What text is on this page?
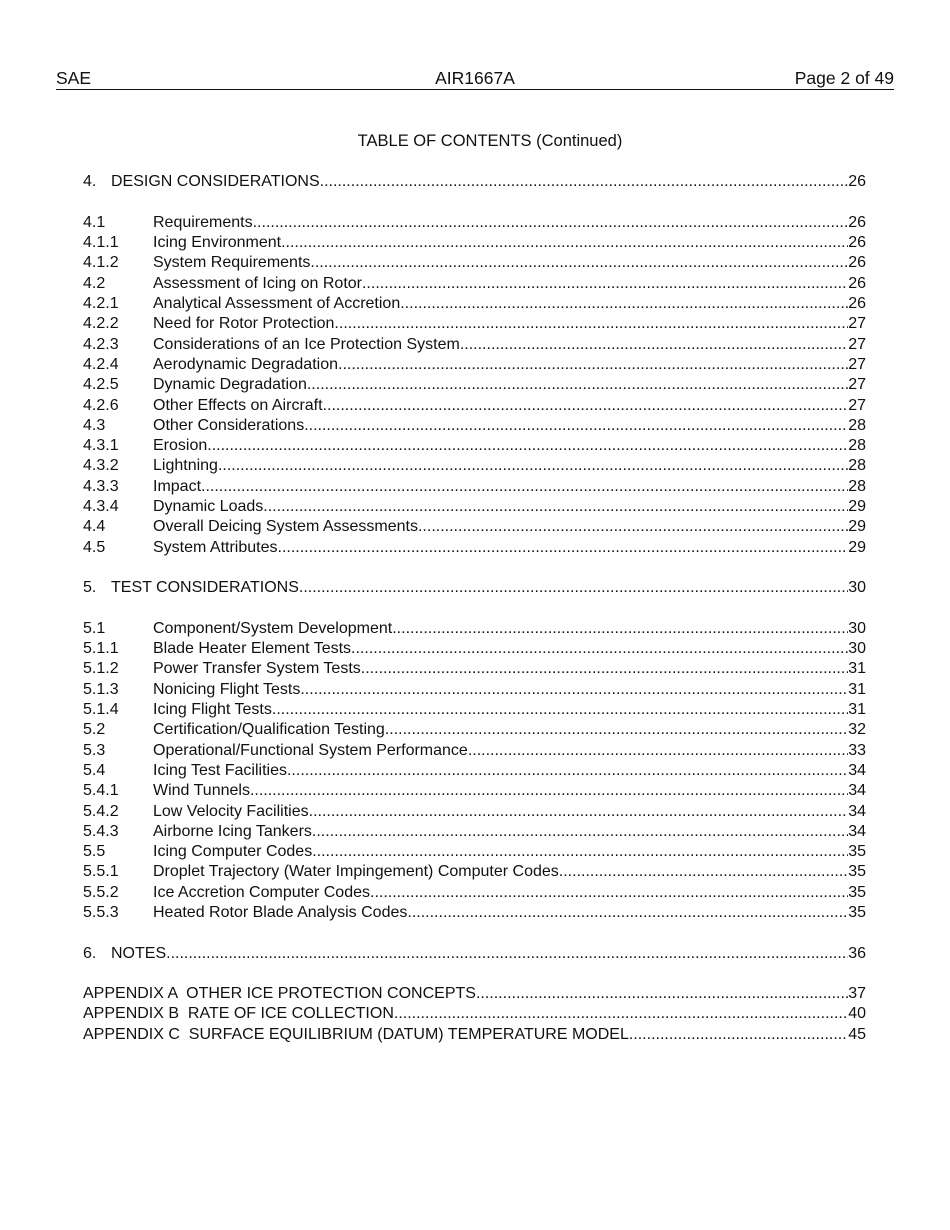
SAE	AIR1667A	Page 2 of 49
TABLE OF CONTENTS (Continued)
4. DESIGN CONSIDERATIONS .....	26
4.1	Requirements .....	26
4.1.1	Icing Environment .....	26
4.1.2	System Requirements .....	26
4.2	Assessment of Icing on Rotor .....	26
4.2.1	Analytical Assessment of Accretion .....	26
4.2.2	Need for Rotor Protection .....	27
4.2.3	Considerations of an Ice Protection System .....	27
4.2.4	Aerodynamic Degradation .....	27
4.2.5	Dynamic Degradation .....	27
4.2.6	Other Effects on Aircraft .....	27
4.3	Other Considerations .....	28
4.3.1	Erosion .....	28
4.3.2	Lightning .....	28
4.3.3	Impact .....	28
4.3.4	Dynamic Loads .....	29
4.4	Overall Deicing System Assessments .....	29
4.5	System Attributes .....	29
5. TEST CONSIDERATIONS .....	30
5.1	Component/System Development .....	30
5.1.1	Blade Heater Element Tests .....	30
5.1.2	Power Transfer System Tests .....	31
5.1.3	Nonicing Flight Tests .....	31
5.1.4	Icing Flight Tests .....	31
5.2	Certification/Qualification Testing .....	32
5.3	Operational/Functional System Performance .....	33
5.4	Icing Test Facilities .....	34
5.4.1	Wind Tunnels .....	34
5.4.2	Low Velocity Facilities .....	34
5.4.3	Airborne Icing Tankers .....	34
5.5	Icing Computer Codes .....	35
5.5.1	Droplet Trajectory (Water Impingement) Computer Codes .....	35
5.5.2	Ice Accretion Computer Codes .....	35
5.5.3	Heated Rotor Blade Analysis Codes .....	35
6. NOTES .....	36
APPENDIX A  OTHER ICE PROTECTION CONCEPTS .....	37
APPENDIX B  RATE OF ICE COLLECTION .....	40
APPENDIX C  SURFACE EQUILIBRIUM (DATUM) TEMPERATURE MODEL .....	45
